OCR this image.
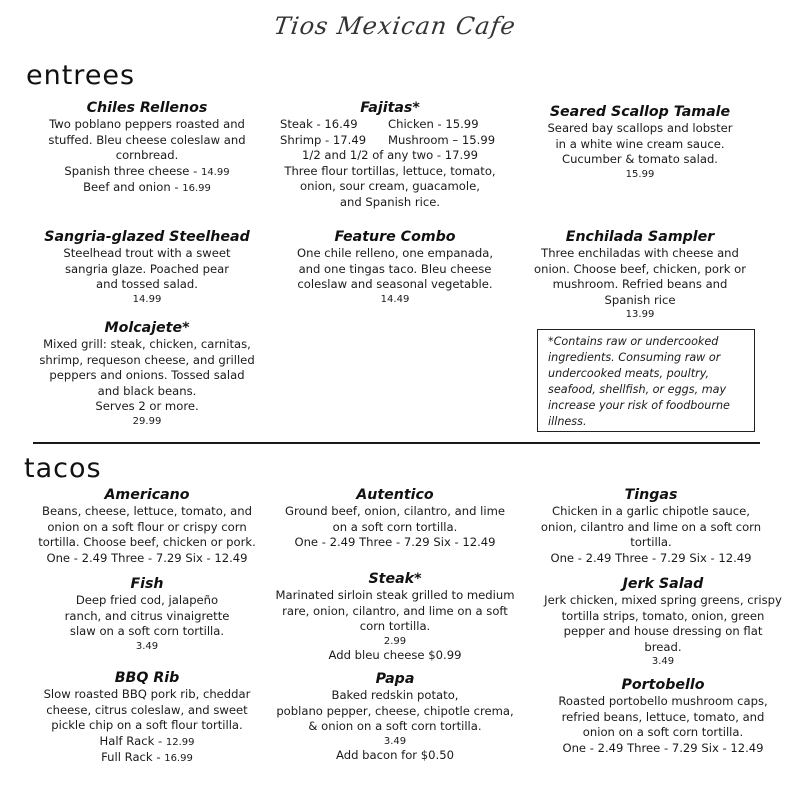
Tios Mexican Cafe
entrees
Chiles Rellenos
Two poblano peppers roasted and
stuffed. Bleu cheese coleslaw and
cornbread.
Spanish three cheese - 14.99
Beef and onion - 16.99
Fajitas*
Steak - 16.49	Chicken - 15.99
Shrimp - 17.49 Mushroom – 15.99
1/2 and 1/2 of any two - 17.99
Three flour tortillas, lettuce, tomato,
onion, sour cream, guacamole,
and Spanish rice.
Seared Scallop Tamale
Seared bay scallops and lobster
in a white wine cream sauce.
Cucumber & tomato salad.
15.99
Sangria-glazed Steelhead
Steelhead trout with a sweet
sangria glaze. Poached pear
and tossed salad.
14.99
Feature Combo
One chile relleno, one empanada,
and one tingas taco. Bleu cheese
coleslaw and seasonal vegetable.
14.49
Enchilada Sampler
Three enchiladas with cheese and
onion. Choose beef, chicken, pork or
mushroom. Refried beans and
Spanish rice
13.99
Molcajete*
Mixed grill: steak, chicken, carnitas,
shrimp, requeson cheese, and grilled
peppers and onions. Tossed salad
and black beans.
Serves 2 or more.
29.99
*Contains raw or undercooked ingredients. Consuming raw or undercooked meats, poultry, seafood, shellfish, or eggs, may increase your risk of foodbourne illness.
tacos
Americano
Beans, cheese, lettuce, tomato, and
onion on a soft flour or crispy corn
tortilla. Choose beef, chicken or pork.
One - 2.49 Three - 7.29 Six - 12.49
Autentico
Ground beef, onion, cilantro, and lime
on a soft corn tortilla.
One - 2.49 Three - 7.29 Six - 12.49
Tingas
Chicken in a garlic chipotle sauce,
onion, cilantro and lime on a soft corn
tortilla.
One - 2.49 Three - 7.29 Six - 12.49
Fish
Deep fried cod, jalapeño
ranch, and citrus vinaigrette
slaw on a soft corn tortilla.
3.49
Steak*
Marinated sirloin steak grilled to medium
rare, onion, cilantro, and lime on a soft
corn tortilla.
2.99
Add bleu cheese $0.99
Jerk Salad
Jerk chicken, mixed spring greens, crispy
tortilla strips, tomato, onion, green
pepper and house dressing on flat
bread.
3.49
BBQ Rib
Slow roasted BBQ pork rib, cheddar
cheese, citrus coleslaw, and sweet
pickle chip on a soft flour tortilla.
Half Rack - 12.99
Full Rack - 16.99
Papa
Baked redskin potato,
poblano pepper, cheese, chipotle crema,
& onion on a soft corn tortilla.
3.49
Add bacon for $0.50
Portobello
Roasted portobello mushroom caps,
refried beans, lettuce, tomato, and
onion on a soft corn tortilla.
One - 2.49 Three - 7.29 Six - 12.49
